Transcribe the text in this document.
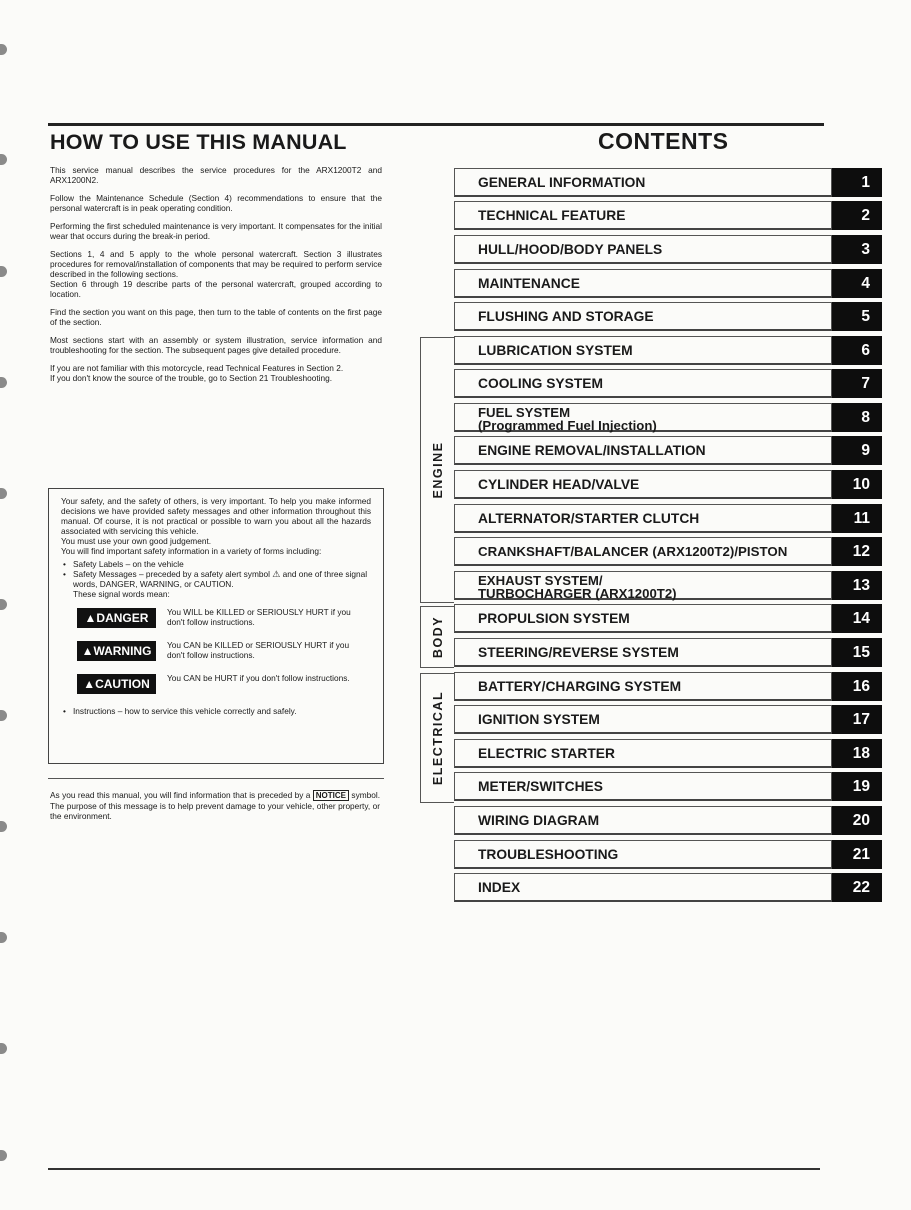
HOW TO USE THIS MANUAL

This service manual describes the service procedures for the ARX1200T2 and ARX1200N2.

Follow the Maintenance Schedule (Section 4) recommendations to ensure that the personal watercraft is in peak operating condition.

Performing the first scheduled maintenance is very important. It compensates for the initial wear that occurs during the break-in period.

Sections 1, 4 and 5 apply to the whole personal watercraft. Section 3 illustrates procedures for removal/installation of components that may be required to perform service described in the following sections.

Section 6 through 19 describe parts of the personal watercraft, grouped according to location.

Find the section you want on this page, then turn to the table of contents on the first page of the section.

Most sections start with an assembly or system illustration, service information and troubleshooting for the section. The subsequent pages give detailed procedure.

If you are not familiar with this motorcycle, read Technical Features in Section 2.

If you don't know the source of the trouble, go to Section 21 Troubleshooting.

Your safety, and the safety of others, is very important. To help you make informed decisions we have provided safety messages and other information throughout this manual. Of course, it is not practical or possible to warn you about all the hazards associated with servicing this vehicle.

You must use your own good judgement.

You will find important safety information in a variety of forms including:

• Safety Labels – on the vehicle
• Safety Messages – preceded by a safety alert symbol ⚠ and one of three signal words, DANGER, WARNING, or CAUTION.
These signal words mean:
▲DANGER	You WILL be KILLED or SERIOUSLY HURT if you don't follow instructions.
▲WARNING	You CAN be KILLED or SERIOUSLY HURT if you don't follow instructions.
▲CAUTION	You CAN be HURT if you don't follow instructions.
• Instructions – how to service this vehicle correctly and safely.

As you read this manual, you will find information that is preceded by a NOTICE symbol. The purpose of this message is to help prevent damage to your vehicle, other property, or the environment.

CONTENTS
ENGINE
BODY
ELECTRICAL
GENERAL INFORMATION	1
TECHNICAL FEATURE	2
HULL/HOOD/BODY PANELS	3
MAINTENANCE	4
FLUSHING AND STORAGE	5
LUBRICATION SYSTEM	6
COOLING SYSTEM	7
FUEL SYSTEM
(Programmed Fuel Injection)	8
ENGINE REMOVAL/INSTALLATION	9
CYLINDER HEAD/VALVE	10
ALTERNATOR/STARTER CLUTCH	11
CRANKSHAFT/BALANCER (ARX1200T2)/PISTON	12
EXHAUST SYSTEM/
TURBOCHARGER (ARX1200T2)	13
PROPULSION SYSTEM	14
STEERING/REVERSE SYSTEM	15
BATTERY/CHARGING SYSTEM	16
IGNITION SYSTEM	17
ELECTRIC STARTER	18
METER/SWITCHES	19
WIRING DIAGRAM	20
TROUBLESHOOTING	21
INDEX	22
